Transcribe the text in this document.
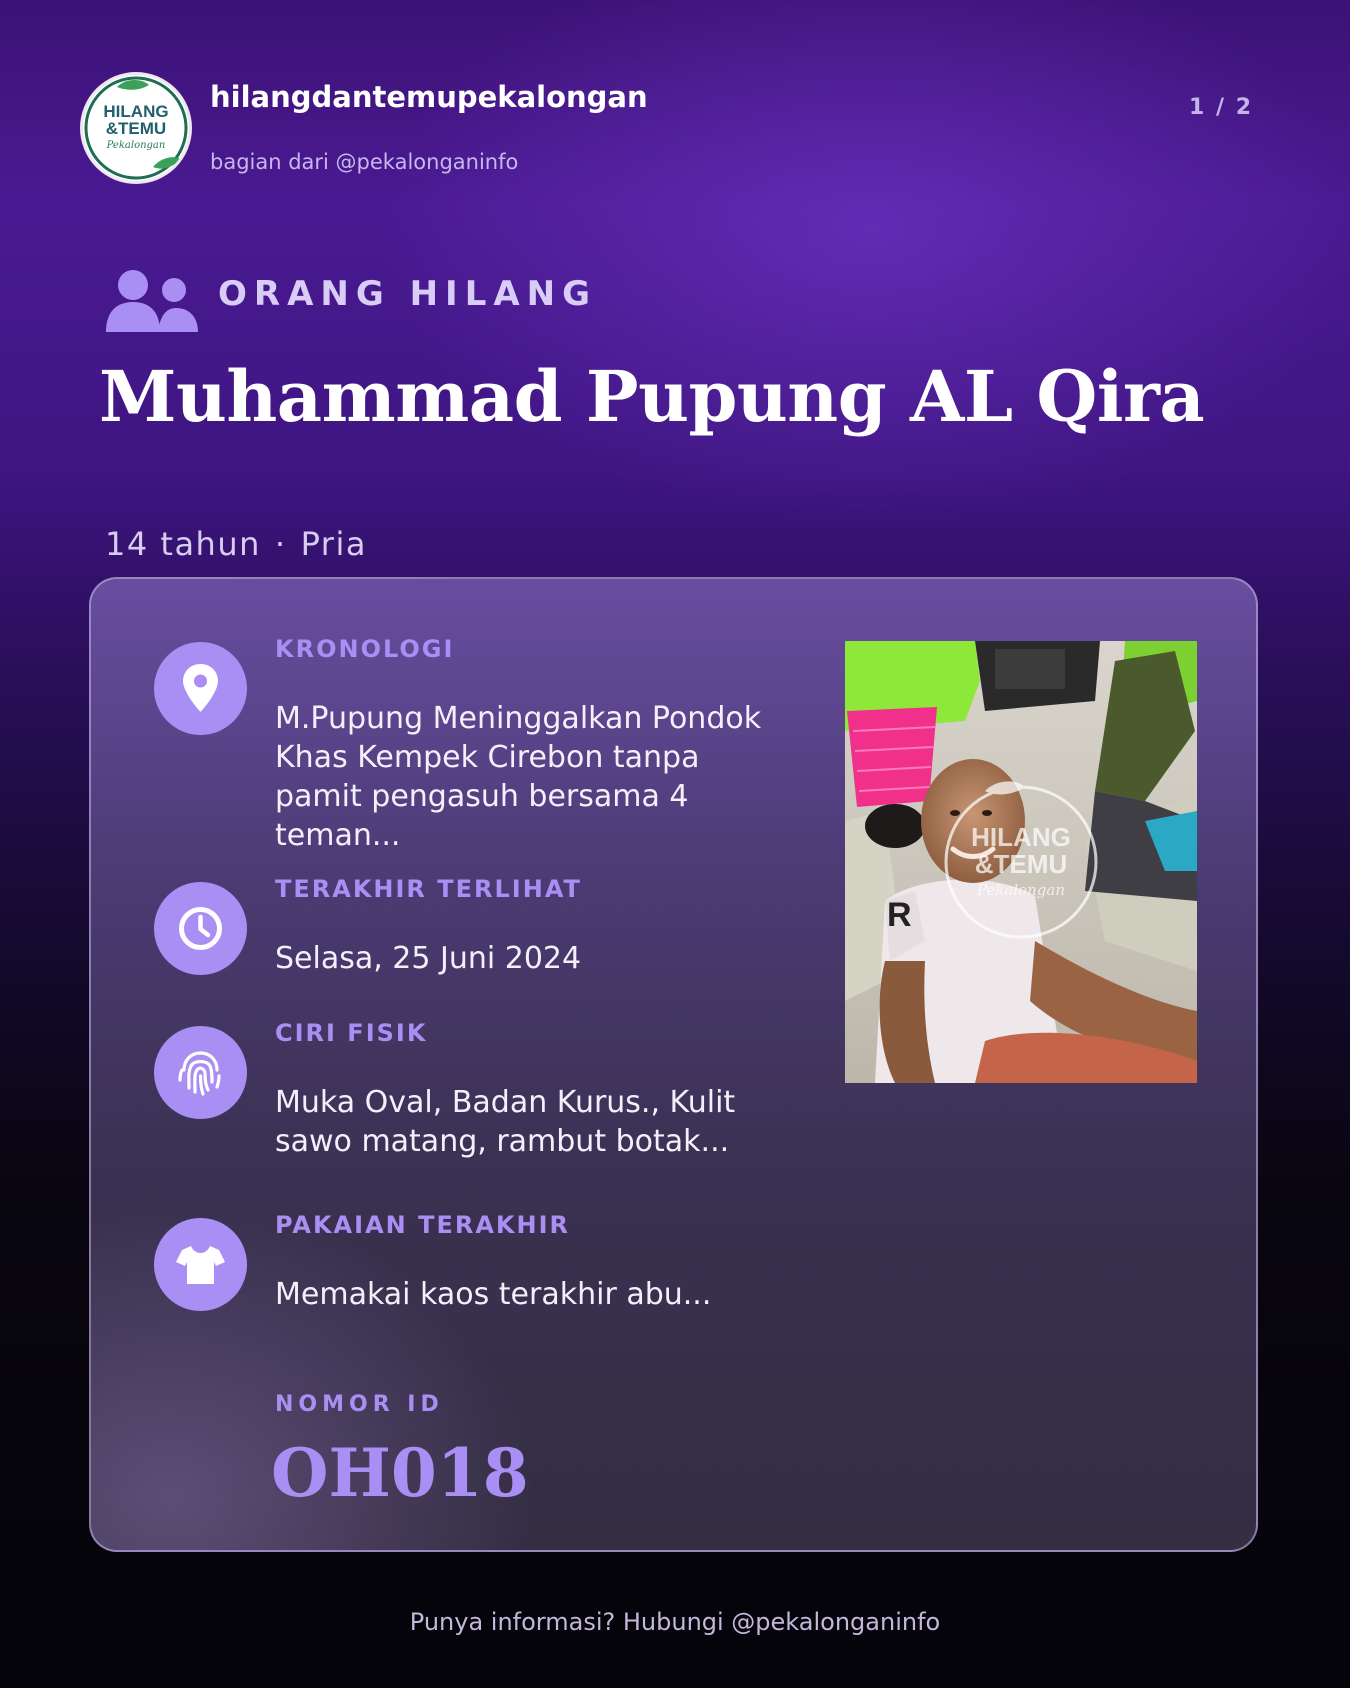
HILANG
&TEMU
Pekalongan
hilangdantemupekalongan
bagian dari @pekalonganinfo
1 / 2
ORANG HILANG
Muhammad Pupung AL Qira
14 tahun · Pria
KRONOLOGI
M.Pupung Meninggalkan Pondok Khas Kempek Cirebon tanpa pamit pengasuh bersama 4 teman...
TERAKHIR TERLIHAT
Selasa, 25 Juni 2024
CIRI FISIK
Muka Oval, Badan Kurus., Kulit sawo matang, rambut botak...
PAKAIAN TERAKHIR
Memakai kaos terakhir abu...
R
HILANG
&TEMU
Pekalongan
NOMOR ID
OH018
Punya informasi? Hubungi @pekalonganinfo
